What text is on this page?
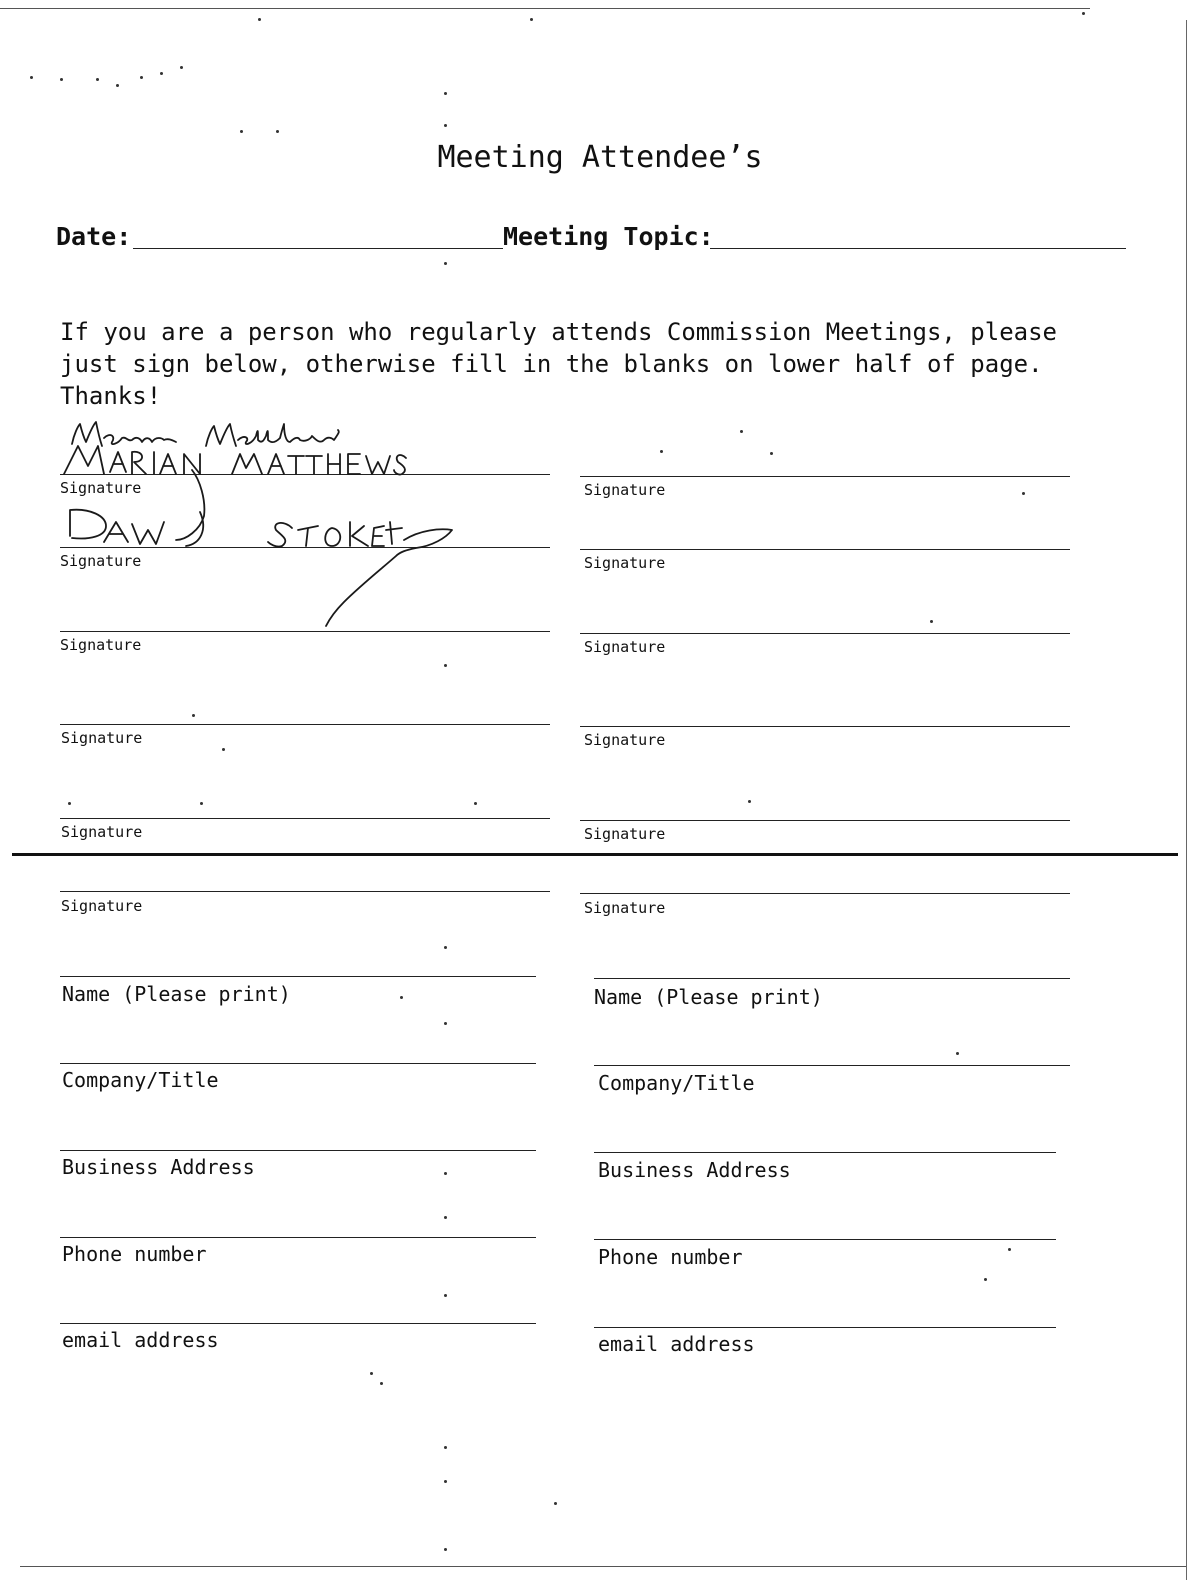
Meeting Attendee’s
Date:	Meeting Topic:
If you are a person who regularly attends Commission Meetings, please
just sign below, otherwise fill in the blanks on lower half of page.
Thanks!
Signature	Signature
Signature	Signature
Signature	Signature
Signature	Signature
Signature	Signature
Signature	Signature
Name (Please print)
Company/Title
Business Address
Phone number
email address
Name (Please print)
Company/Title
Business Address
Phone number
email address
